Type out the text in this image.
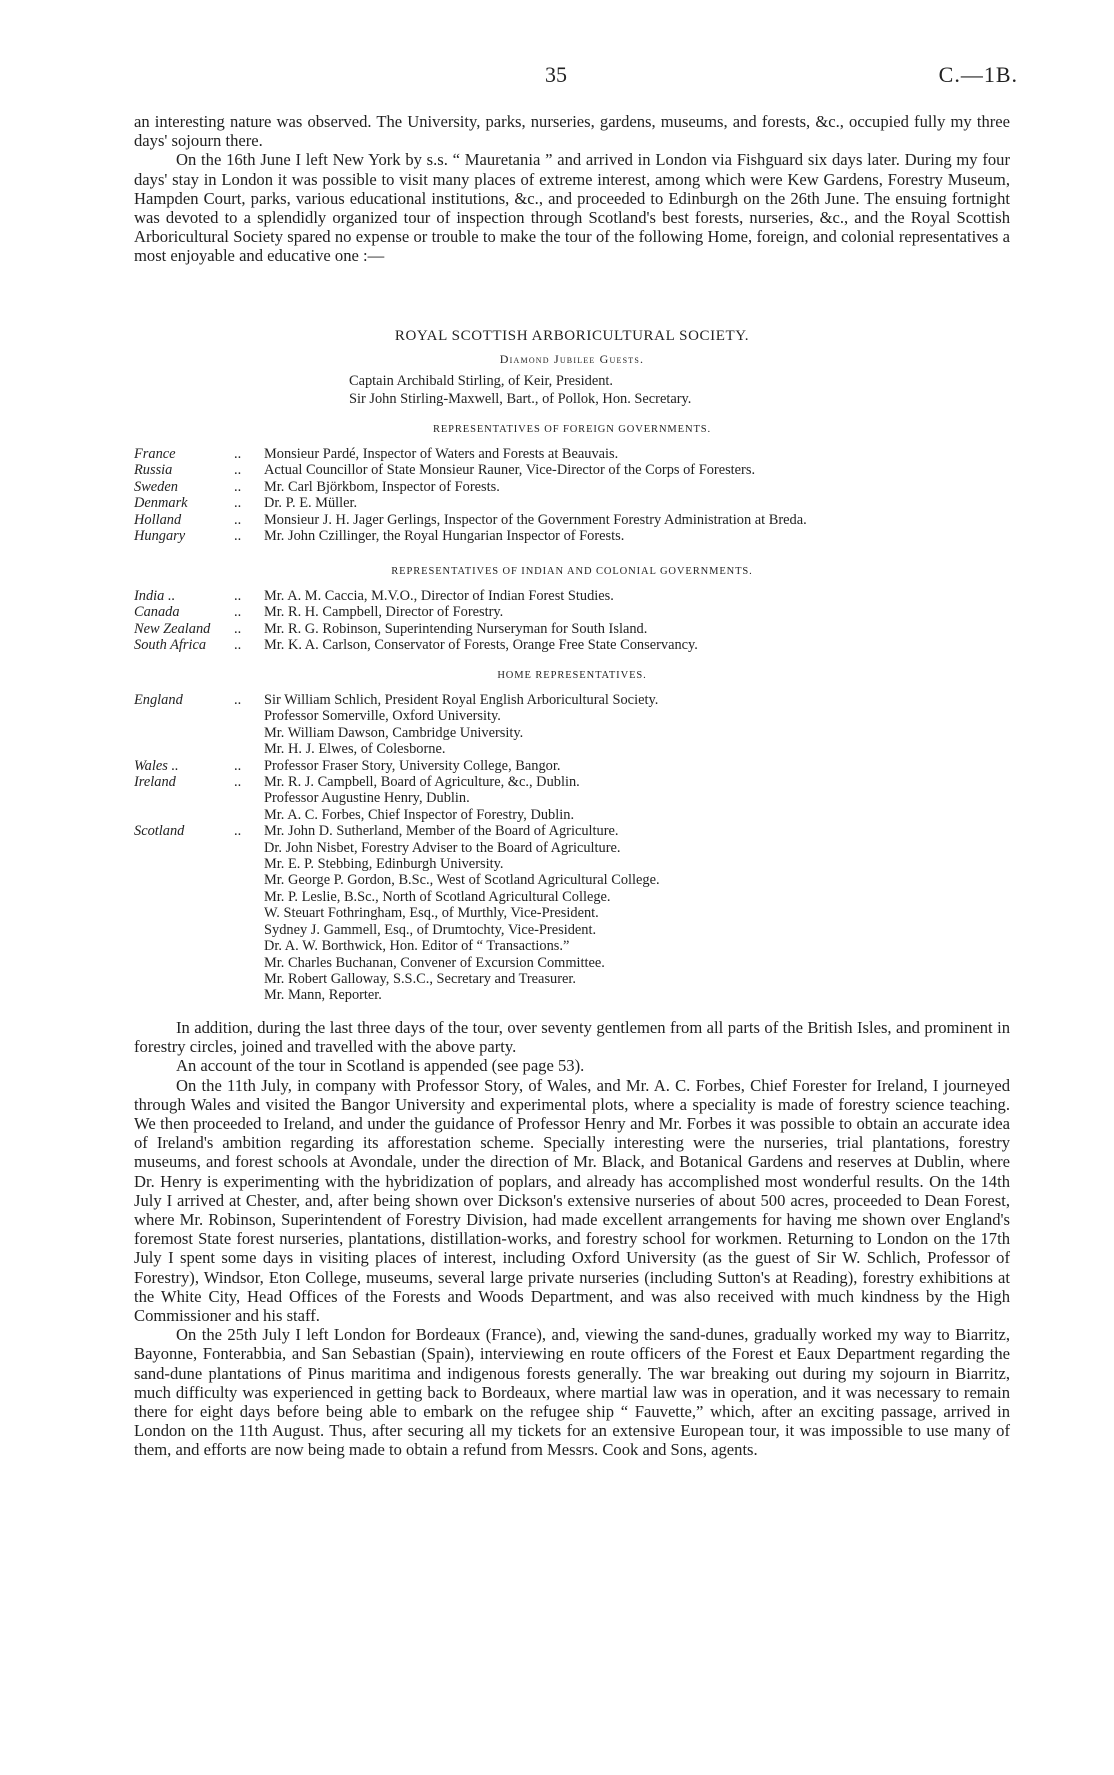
35	C.—1B.

an interesting nature was observed. The University, parks, nurseries, gardens, museums, and forests, &c., occupied fully my three days' sojourn there.

On the 16th June I left New York by s.s. “ Mauretania ” and arrived in London via Fishguard six days later. During my four days' stay in London it was possible to visit many places of extreme interest, among which were Kew Gardens, Forestry Museum, Hampden Court, parks, various educational institutions, &c., and proceeded to Edinburgh on the 26th June. The ensuing fortnight was devoted to a splendidly organized tour of inspection through Scotland's best forests, nurseries, &c., and the Royal Scottish Arboricultural Society spared no expense or trouble to make the tour of the following Home, foreign, and colonial representatives a most enjoyable and educative one :—

ROYAL SCOTTISH ARBORICULTURAL SOCIETY.

Diamond Jubilee Guests.

Captain Archibald Stirling, of Keir, President.

Sir John Stirling-Maxwell, Bart., of Pollok, Hon. Secretary.

REPRESENTATIVES OF FOREIGN GOVERNMENTS.
France	..	Monsieur Pardé, Inspector of Waters and Forests at Beauvais.
Russia	..	Actual Councillor of State Monsieur Rauner, Vice-Director of the Corps of Foresters.
Sweden	..	Mr. Carl Björkbom, Inspector of Forests.
Denmark	..	Dr. P. E. Müller.
Holland	..	Monsieur J. H. Jager Gerlings, Inspector of the Government Forestry Administration at Breda.
Hungary	..	Mr. John Czillinger, the Royal Hungarian Inspector of Forests.
REPRESENTATIVES OF INDIAN AND COLONIAL GOVERNMENTS.
India ..	..	Mr. A. M. Caccia, M.V.O., Director of Indian Forest Studies.
Canada	..	Mr. R. H. Campbell, Director of Forestry.
New Zealand	..	Mr. R. G. Robinson, Superintending Nurseryman for South Island.
South Africa	..	Mr. K. A. Carlson, Conservator of Forests, Orange Free State Conservancy.
HOME REPRESENTATIVES.
England	..	Sir William Schlich, President Royal English Arboricultural Society.
Professor Somerville, Oxford University.
Mr. William Dawson, Cambridge University.
Mr. H. J. Elwes, of Colesborne.
Wales ..	..	Professor Fraser Story, University College, Bangor.
Ireland	..	Mr. R. J. Campbell, Board of Agriculture, &c., Dublin.
Professor Augustine Henry, Dublin.
Mr. A. C. Forbes, Chief Inspector of Forestry, Dublin.
Scotland	..	Mr. John D. Sutherland, Member of the Board of Agriculture.
Dr. John Nisbet, Forestry Adviser to the Board of Agriculture.
Mr. E. P. Stebbing, Edinburgh University.
Mr. George P. Gordon, B.Sc., West of Scotland Agricultural College.
Mr. P. Leslie, B.Sc., North of Scotland Agricultural College.
W. Steuart Fothringham, Esq., of Murthly, Vice-President.
Sydney J. Gammell, Esq., of Drumtochty, Vice-President.
Dr. A. W. Borthwick, Hon. Editor of “ Transactions.”
Mr. Charles Buchanan, Convener of Excursion Committee.
Mr. Robert Galloway, S.S.C., Secretary and Treasurer.
Mr. Mann, Reporter.

In addition, during the last three days of the tour, over seventy gentlemen from all parts of the British Isles, and prominent in forestry circles, joined and travelled with the above party.

An account of the tour in Scotland is appended (see page 53).

On the 11th July, in company with Professor Story, of Wales, and Mr. A. C. Forbes, Chief Forester for Ireland, I journeyed through Wales and visited the Bangor University and experimental plots, where a speciality is made of forestry science teaching. We then proceeded to Ireland, and under the guidance of Professor Henry and Mr. Forbes it was possible to obtain an accurate idea of Ireland's ambition regarding its afforestation scheme. Specially interesting were the nurseries, trial plantations, forestry museums, and forest schools at Avondale, under the direction of Mr. Black, and Botanical Gardens and reserves at Dublin, where Dr. Henry is experimenting with the hybridization of poplars, and already has accomplished most wonderful results. On the 14th July I arrived at Chester, and, after being shown over Dickson's extensive nurseries of about 500 acres, proceeded to Dean Forest, where Mr. Robinson, Superintendent of Forestry Division, had made excellent arrangements for having me shown over England's foremost State forest nurseries, plantations, distillation-works, and forestry school for workmen. Returning to London on the 17th July I spent some days in visiting places of interest, including Oxford University (as the guest of Sir W. Schlich, Professor of Forestry), Windsor, Eton College, museums, several large private nurseries (including Sutton's at Reading), forestry exhibitions at the White City, Head Offices of the Forests and Woods Department, and was also received with much kindness by the High Commissioner and his staff.

On the 25th July I left London for Bordeaux (France), and, viewing the sand-dunes, gradually worked my way to Biarritz, Bayonne, Fonterabbia, and San Sebastian (Spain), interviewing en route officers of the Forest et Eaux Department regarding the sand-dune plantations of Pinus maritima and indigenous forests generally. The war breaking out during my sojourn in Biarritz, much difficulty was experienced in getting back to Bordeaux, where martial law was in operation, and it was necessary to remain there for eight days before being able to embark on the refugee ship “ Fauvette,” which, after an exciting passage, arrived in London on the 11th August. Thus, after securing all my tickets for an extensive European tour, it was impossible to use many of them, and efforts are now being made to obtain a refund from Messrs. Cook and Sons, agents.
